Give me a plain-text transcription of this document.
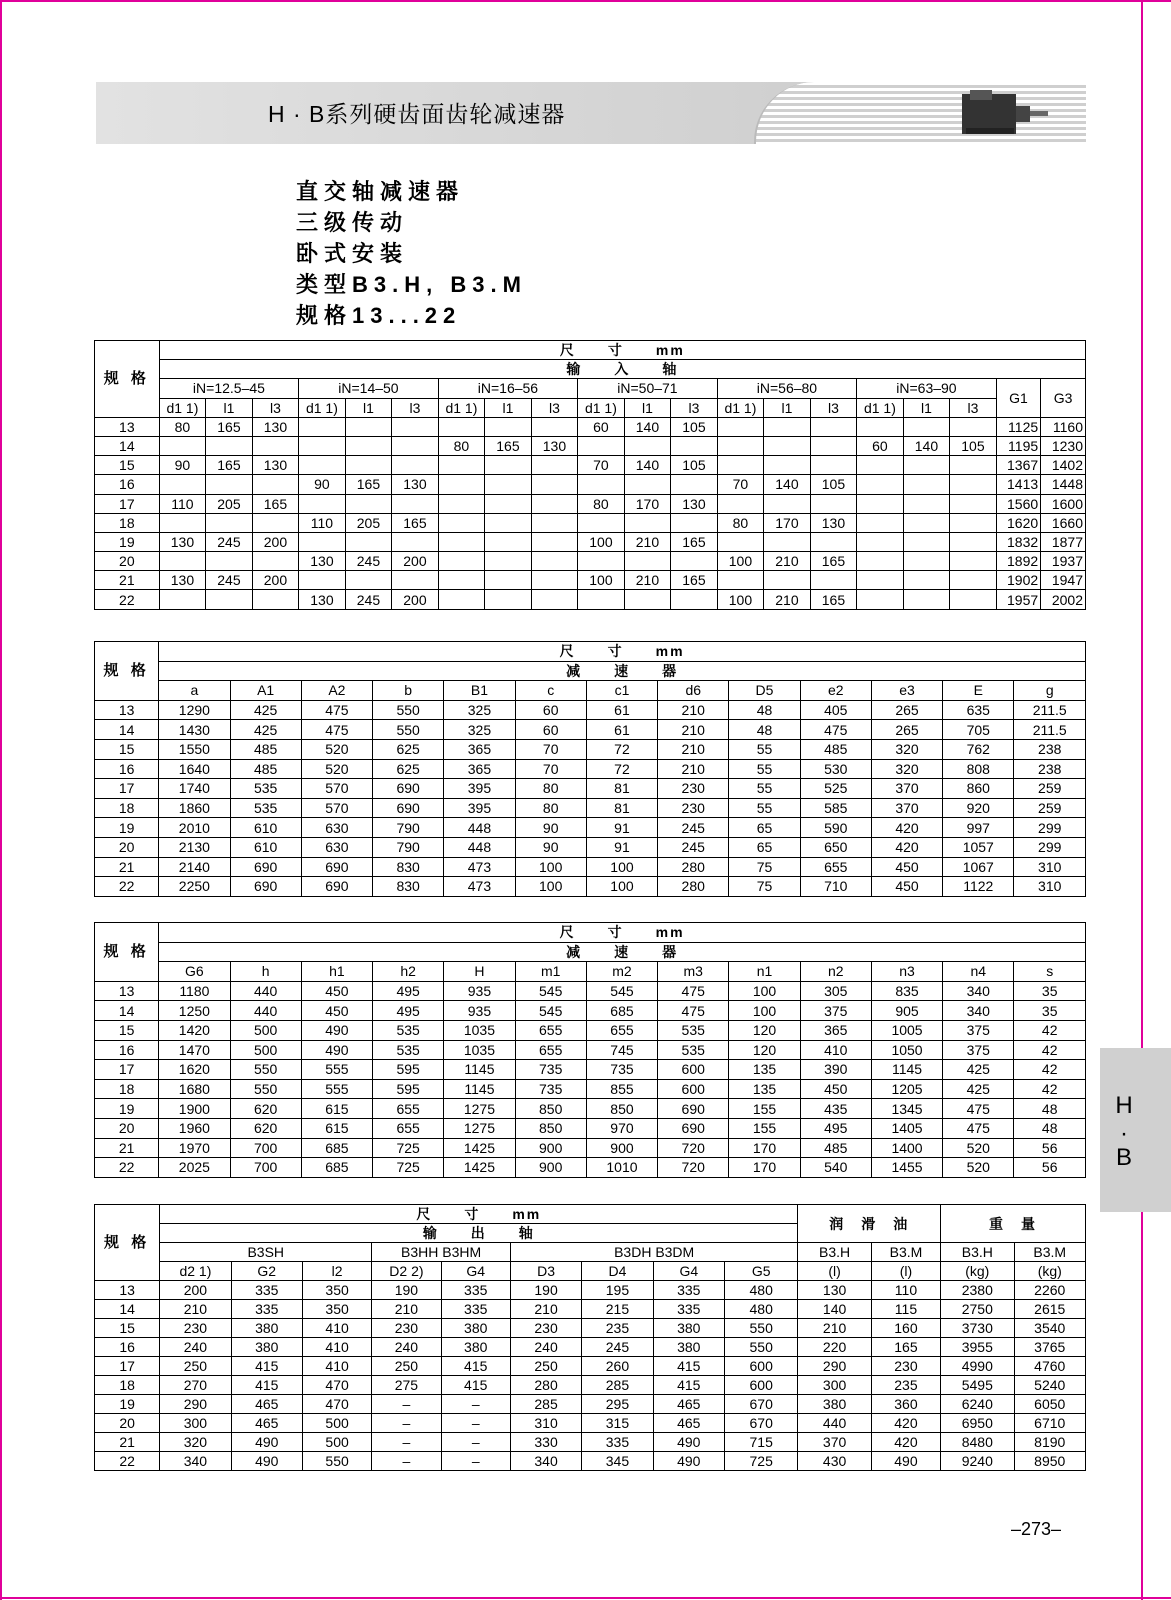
H · B系列硬齿面齿轮减速器
直交轴减速器
三级传动
卧式安装
类型B3.H, B3.M
规格13...22
规 格	尺　　寸　　mm																			
	输　　入　　轴																			
	iN=12.5–45			iN=14–50			iN=16–56			iN=50–71			iN=56–80			iN=63–90			G1	G3
	d1 1)	l1	l3	d1 1)	l1	l3	d1 1)	l1	l3	d1 1)	l1	l3	d1 1)	l1	l3	d1 1)	l1	l3		
13	80	165	130							60	140	105							1125	1160
14							80	165	130							60	140	105	1195	1230
15	90	165	130							70	140	105							1367	1402
16				90	165	130							70	140	105				1413	1448
17	110	205	165							80	170	130							1560	1600
18				110	205	165							80	170	130				1620	1660
19	130	245	200							100	210	165							1832	1877
20				130	245	200							100	210	165				1892	1937
21	130	245	200							100	210	165							1902	1947
22				130	245	200							100	210	165				1957	2002
规 格	尺　　寸　　mm												
	减　　速　　器												
	a	A1	A2	b	B1	c	c1	d6	D5	e2	e3	E	g
13	1290	425	475	550	325	60	61	210	48	405	265	635	211.5
14	1430	425	475	550	325	60	61	210	48	475	265	705	211.5
15	1550	485	520	625	365	70	72	210	55	485	320	762	238
16	1640	485	520	625	365	70	72	210	55	530	320	808	238
17	1740	535	570	690	395	80	81	230	55	525	370	860	259
18	1860	535	570	690	395	80	81	230	55	585	370	920	259
19	2010	610	630	790	448	90	91	245	65	590	420	997	299
20	2130	610	630	790	448	90	91	245	65	650	420	1057	299
21	2140	690	690	830	473	100	100	280	75	655	450	1067	310
22	2250	690	690	830	473	100	100	280	75	710	450	1122	310
规 格	尺　　寸　　mm												
	减　　速　　器												
	G6	h	h1	h2	H	m1	m2	m3	n1	n2	n3	n4	s
13	1180	440	450	495	935	545	545	475	100	305	835	340	35
14	1250	440	450	495	935	545	685	475	100	375	905	340	35
15	1420	500	490	535	1035	655	655	535	120	365	1005	375	42
16	1470	500	490	535	1035	655	745	535	120	410	1050	375	42
17	1620	550	555	595	1145	735	735	600	135	390	1145	425	42
18	1680	550	555	595	1145	735	855	600	135	450	1205	425	42
19	1900	620	615	655	1275	850	850	690	155	435	1345	475	48
20	1960	620	615	655	1275	850	970	690	155	495	1405	475	48
21	1970	700	685	725	1425	900	900	720	170	485	1400	520	56
22	2025	700	685	725	1425	900	1010	720	170	540	1455	520	56
规 格	尺　　寸　　mm									润　滑　油		重　量	
	输　　出　　轴												
	B3SH			B3HH B3HM		B3DH B3DM				B3.H	B3.M	B3.H	B3.M
	d2 1)	G2	l2	D2 2)	G4	D3	D4	G4	G5	(l)	(l)	(kg)	(kg)
13	200	335	350	190	335	190	195	335	480	130	110	2380	2260
14	210	335	350	210	335	210	215	335	480	140	115	2750	2615
15	230	380	410	230	380	230	235	380	550	210	160	3730	3540
16	240	380	410	240	380	240	245	380	550	220	165	3955	3765
17	250	415	410	250	415	250	260	415	600	290	230	4990	4760
18	270	415	470	275	415	280	285	415	600	300	235	5495	5240
19	290	465	470	–	–	285	295	465	670	380	360	6240	6050
20	300	465	500	–	–	310	315	465	670	440	420	6950	6710
21	320	490	500	–	–	330	335	490	715	370	420	8480	8190
22	340	490	550	–	–	340	345	490	725	430	490	9240	8950
H
·
B
–273–
